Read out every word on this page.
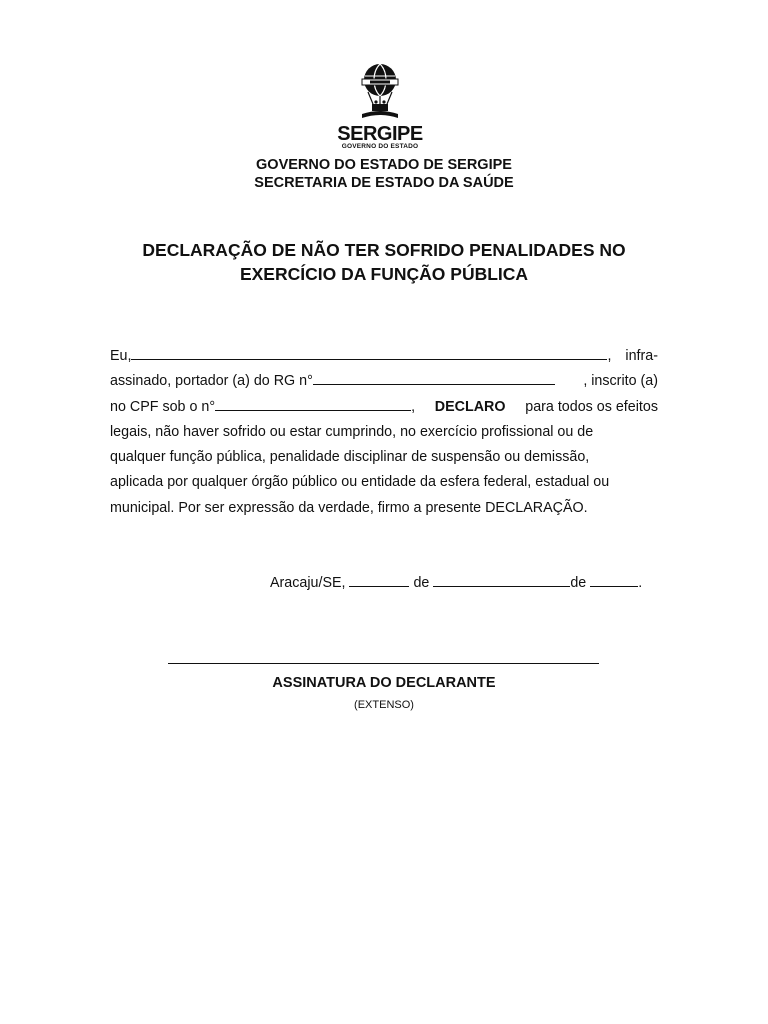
SERGIPE
GOVERNO DO ESTADO
GOVERNO DO ESTADO DE SERGIPE
SECRETARIA DE ESTADO DA SAÚDE
DECLARAÇÃO DE NÃO TER SOFRIDO PENALIDADES NO
EXERCÍCIO DA FUNÇÃO PÚBLICA
Eu,	, infra-
assinado, portador (a) do RG n°	, inscrito (a)
no CPF sob o n°	, DECLARO para todos os efeitos
legais, não haver sofrido ou estar cumprindo, no exercício profissional ou de
qualquer função pública, penalidade disciplinar de suspensão ou demissão,
aplicada por qualquer órgão público ou entidade da esfera federal, estadual ou
municipal. Por ser expressão da verdade, firmo a presente DECLARAÇÃO.
Aracaju/SE,	de	de	.
ASSINATURA DO DECLARANTE
(EXTENSO)
